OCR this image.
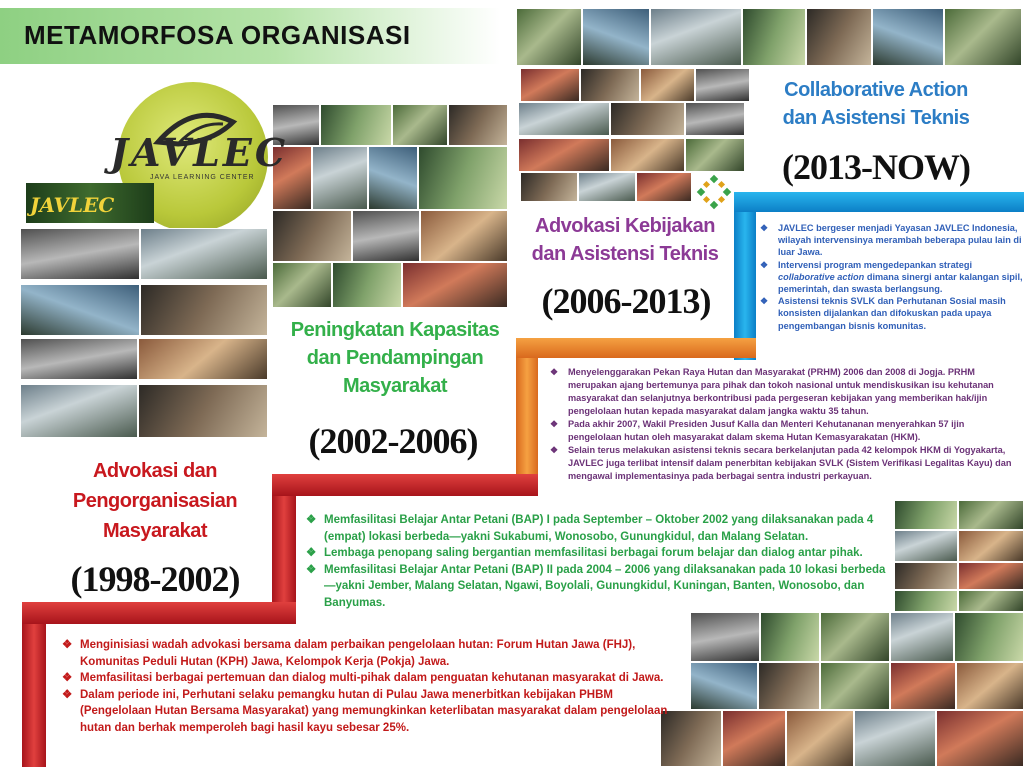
METAMORFOSA ORGANISASI
JAVLEC
JAVA LEARNING CENTER
JAVLEC
Advokasi dan
Pengorganisasian
Masyarakat
(1998-2002)
Peningkatan Kapasitas
dan Pendampingan
Masyarakat
(2002-2006)
Advokasi Kebijakan
dan Asistensi Teknis
(2006-2013)
Collaborative Action
dan Asistensi Teknis
(2013-NOW)
❖ JAVLEC bergeser menjadi Yayasan JAVLEC Indonesia, wilayah intervensinya merambah beberapa pulau lain di luar Jawa.
❖ Intervensi program mengedepankan strategi collaborative action dimana sinergi antar kalangan sipil, pemerintah, dan swasta berlangsung.
❖ Asistensi teknis SVLK dan Perhutanan Sosial masih konsisten dijalankan dan difokuskan pada upaya pengembangan bisnis komunitas.
❖ Menyelenggarakan Pekan Raya Hutan dan Masyarakat (PRHM) 2006 dan 2008 di Jogja. PRHM merupakan ajang bertemunya para pihak dan tokoh nasional untuk mendiskusikan isu kehutanan masyarakat dan selanjutnya berkontribusi pada pergeseran kebijakan yang memberikan hak/ijin pengelolaan hutan kepada masyarakat dalam jangka waktu 35 tahun.
❖ Pada akhir 2007, Wakil Presiden Jusuf Kalla dan Menteri Kehutananan menyerahkan 57 ijin pengelolaan hutan oleh masyarakat dalam skema Hutan Kemasyarakatan (HKM).
❖ Selain terus melakukan asistensi teknis secara berkelanjutan pada 42 kelompok HKM di Yogyakarta, JAVLEC juga terlibat intensif dalam penerbitan kebijakan SVLK (Sistem Verifikasi Legalitas Kayu) dan mengawal implementasinya pada berbagai sentra industri perkayuan.
❖ Memfasilitasi Belajar Antar Petani (BAP) I pada September – Oktober 2002 yang dilaksanakan pada 4 (empat) lokasi berbeda—yakni Sukabumi, Wonosobo, Gunungkidul, dan Malang Selatan.
❖ Lembaga penopang saling bergantian memfasilitasi berbagai forum belajar dan dialog antar pihak.
❖ Memfasilitasi Belajar Antar Petani (BAP) II pada 2004 – 2006 yang dilaksanakan pada 10 lokasi berbeda—yakni Jember, Malang Selatan, Ngawi, Boyolali, Gunungkidul, Kuningan, Banten, Wonosobo, dan Banyumas.
❖ Menginisiasi wadah advokasi bersama dalam perbaikan pengelolaan hutan: Forum Hutan Jawa (FHJ), Komunitas Peduli Hutan (KPH) Jawa, Kelompok Kerja (Pokja) Jawa.
❖ Memfasilitasi berbagai pertemuan dan dialog multi-pihak dalam penguatan kehutanan masyarakat di Jawa.
❖ Dalam periode ini, Perhutani selaku pemangku hutan di Pulau Jawa menerbitkan kebijakan PHBM (Pengelolaan Hutan Bersama Masyarakat) yang memungkinkan keterlibatan masyarakat dalam pengelolaan hutan dan berhak memperoleh bagi hasil kayu sebesar 25%.
